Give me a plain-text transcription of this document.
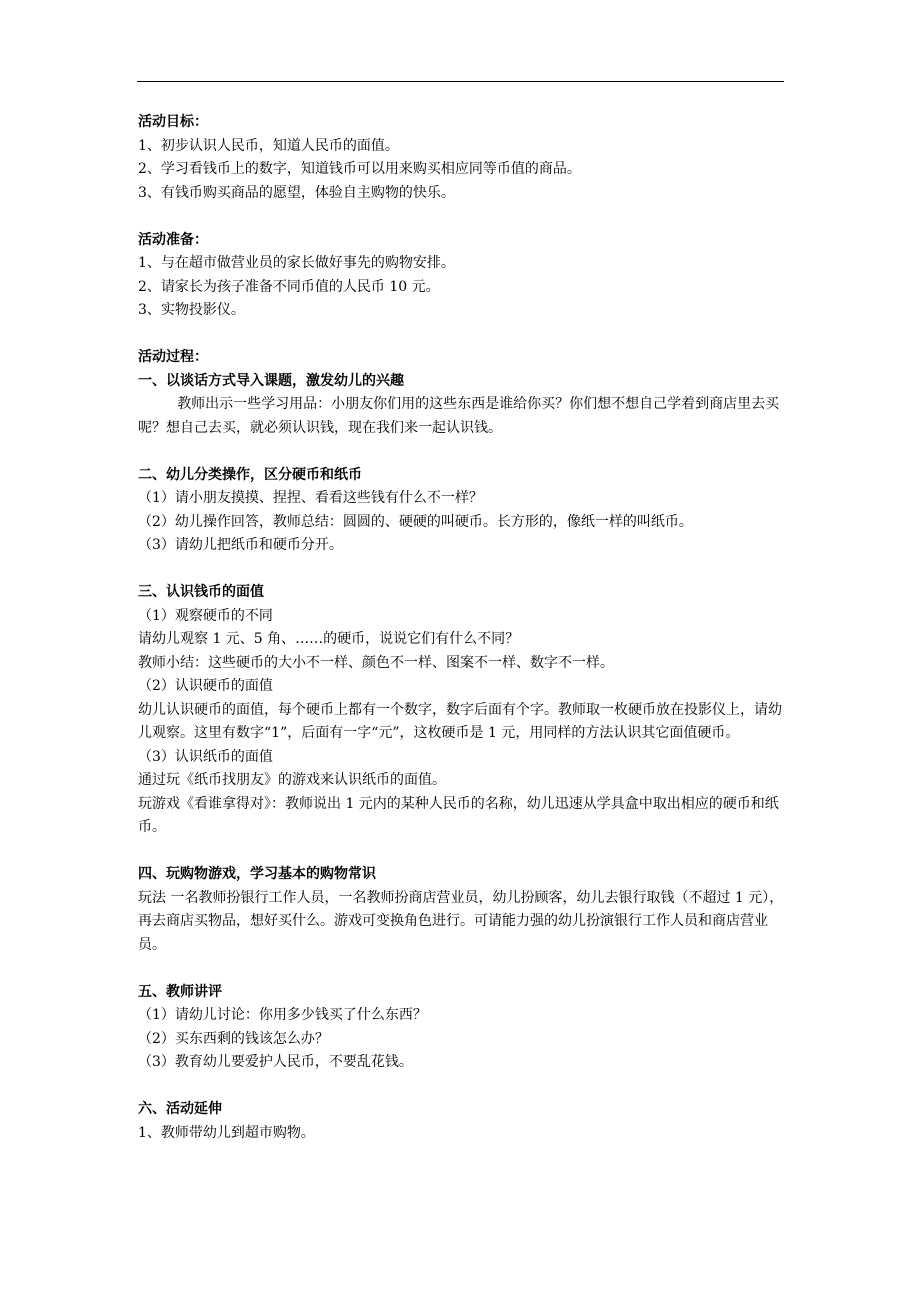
活动目标：
1、初步认识人民币，知道人民币的面值。
2、学习看钱币上的数字，知道钱币可以用来购买相应同等币值的商品。
3、有钱币购买商品的愿望，体验自主购物的快乐。
活动准备：
1、与在超市做营业员的家长做好事先的购物安排。
2、请家长为孩子准备不同币值的人民币 10 元。
3、实物投影仪。
活动过程：
一、以谈话方式导入课题，激发幼儿的兴趣
教师出示一些学习用品：小朋友你们用的这些东西是谁给你买？你们想不想自己学着到商店里去买呢？想自己去买，就必须认识钱，现在我们来一起认识钱。
二、幼儿分类操作，区分硬币和纸币
（1）请小朋友摸摸、捏捏、看看这些钱有什么不一样？
（2）幼儿操作回答，教师总结：圆圆的、硬硬的叫硬币。长方形的，像纸一样的叫纸币。
（3）请幼儿把纸币和硬币分开。
三、认识钱币的面值
（1）观察硬币的不同
请幼儿观察 1 元、5 角、……的硬币，说说它们有什么不同？
教师小结：这些硬币的大小不一样、颜色不一样、图案不一样、数字不一样。
（2）认识硬币的面值
幼儿认识硬币的面值，每个硬币上都有一个数字，数字后面有个字。教师取一枚硬币放在投影仪上，请幼儿观察。这里有数字“1”，后面有一字“元”，这枚硬币是 1 元，用同样的方法认识其它面值硬币。
（3）认识纸币的面值
通过玩《纸币找朋友》的游戏来认识纸币的面值。
玩游戏《看谁拿得对》：教师说出 1 元内的某种人民币的名称，幼儿迅速从学具盒中取出相应的硬币和纸币。
四、玩购物游戏，学习基本的购物常识
玩法 一名教师扮银行工作人员，一名教师扮商店营业员，幼儿扮顾客，幼儿去银行取钱（不超过 1 元），再去商店买物品，想好买什么。游戏可变换角色进行。可请能力强的幼儿扮演银行工作人员和商店营业员。
五、教师讲评
（1）请幼儿讨论：你用多少钱买了什么东西？
（2）买东西剩的钱该怎么办？
（3）教育幼儿要爱护人民币，不要乱花钱。
六、活动延伸
1、教师带幼儿到超市购物。
